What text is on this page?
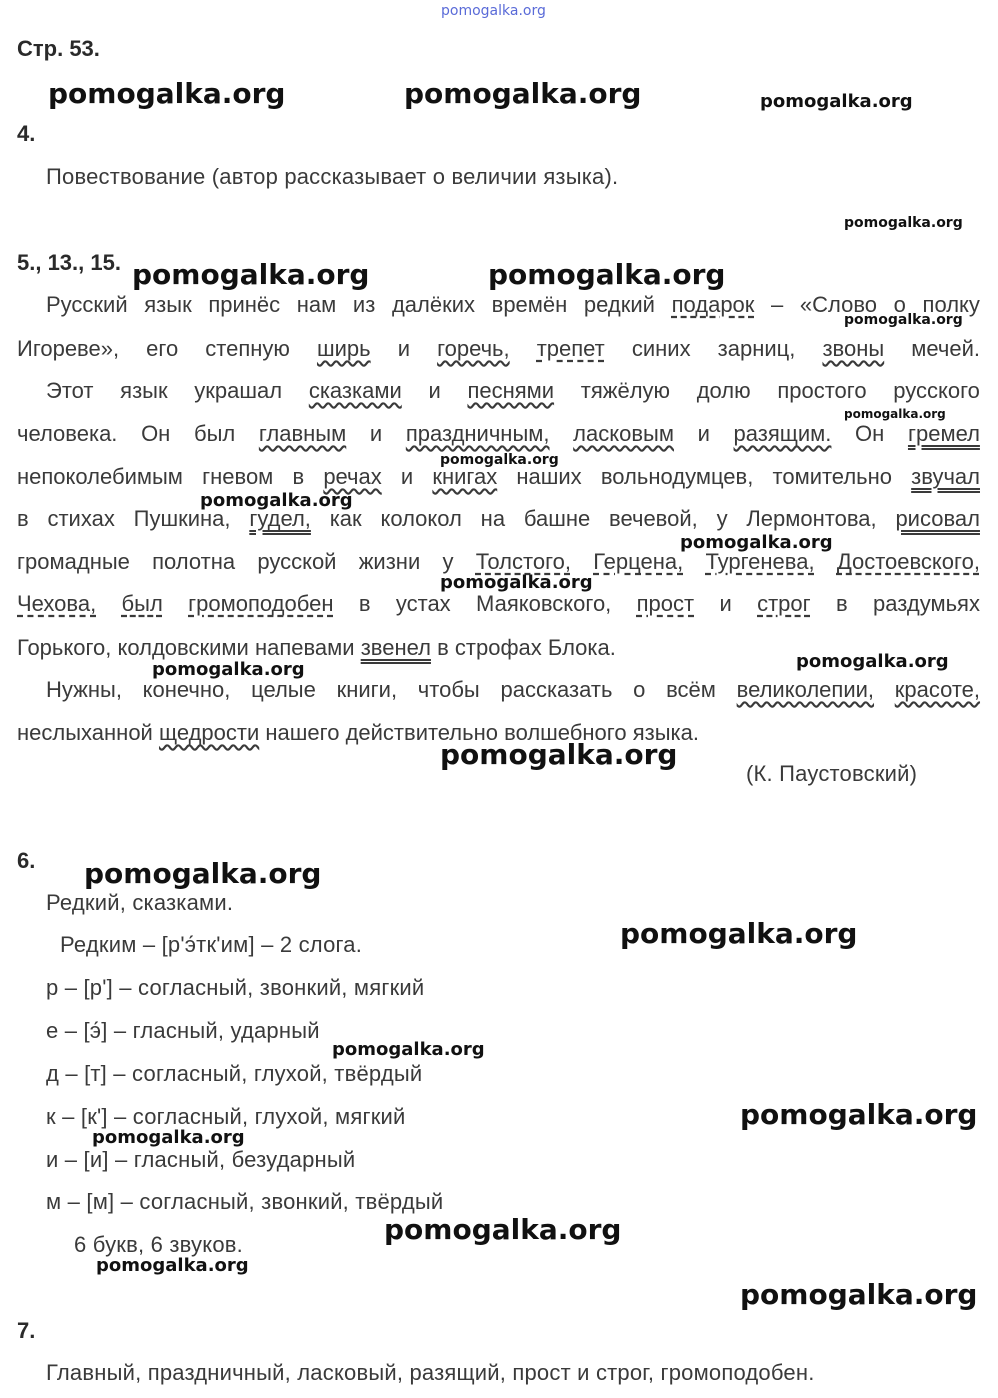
pomogalka.org
Стр. 53.
4.
Повествование (автор рассказывает о величии языка).
5., 13., 15.
Русский язык принёс нам из далёких времён редкий подарок – «Слово о полку
Игореве», его степную ширь и горечь, трепет синих зарниц, звоны мечей.
Этот язык украшал сказками и песнями тяжёлую долю простого русского
человека. Он был главным и праздничным, ласковым и разящим. Он гремел
непоколебимым гневом в речах и книгах наших вольнодумцев, томительно звучал
в стихах Пушкина, гудел, как колокол на башне вечевой, у Лермонтова, рисовал
громадные полотна русской жизни у Толстого, Герцена, Тургенева, Достоевского,
Чехова, был громоподобен в устах Маяковского, прост и строг в раздумьях
Горького, колдовскими напевами звенел в строфах Блока.
Нужны, конечно, целые книги, чтобы рассказать о всём великолепии, красоте,
неслыханной щедрости нашего действительно волшебного языка.
(К. Паустовский)
6.
Редкий, сказками.
Редким – [р'э́тк'им] – 2 слога.
р – [р'] – согласный, звонкий, мягкий
е – [э́] – гласный, ударный
д – [т] – согласный, глухой, твёрдый
к – [к'] – согласный, глухой, мягкий
и – [и] – гласный, безударный
м – [м] – согласный, звонкий, твёрдый
6 букв, 6 звуков.
7.
Главный, праздничный, ласковый, разящий, прост и строг, громоподобен.
pomogalka.org	pomogalka.org	pomogalka.org
pomogalka.org
pomogalka.org	pomogalka.org
pomogalka.org
pomogalka.org
pomogalka.org
pomogalka.org
pomogalka.org
pomogalka.org
pomogalka.org	pomogalka.org
pomogalka.org
pomogalka.org
pomogalka.org
pomogalka.org
pomogalka.org
pomogalka.org
pomogalka.org
pomogalka.org
pomogalka.org
